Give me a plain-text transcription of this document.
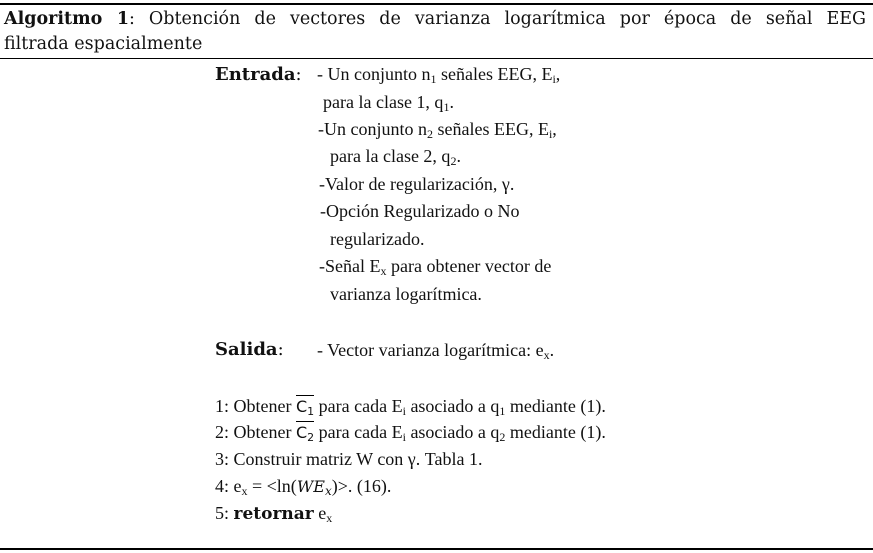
Algoritmo 1: Obtención de vectores de varianza logarítmica por época de señal EEG
filtrada espacialmente
Entrada: - Un conjunto $n_1$ señales EEG, $E_i$,
para la clase 1, $q_1$.
-Un conjunto $n_2$ señales EEG, $E_i$,
para la clase 2, $q_2$.
-Valor de regularización, γ.
-Opción Regularizado o No
regularizado.
-Señal $E_x$ para obtener vector de
varianza logarítmica.
Salida: - Vector varianza logarítmica: $e_x$.
1: Obtener $C_1$ para cada $E_i$ asociado a $q_1$ mediante (1).
2: Obtener $C_2$ para cada $E_i$ asociado a $q_2$ mediante (1).
3: Construir matriz W con γ. Tabla 1.
4: $e_x = <\ln(WE_x)>$. (16).
5: retornar $e_x$
